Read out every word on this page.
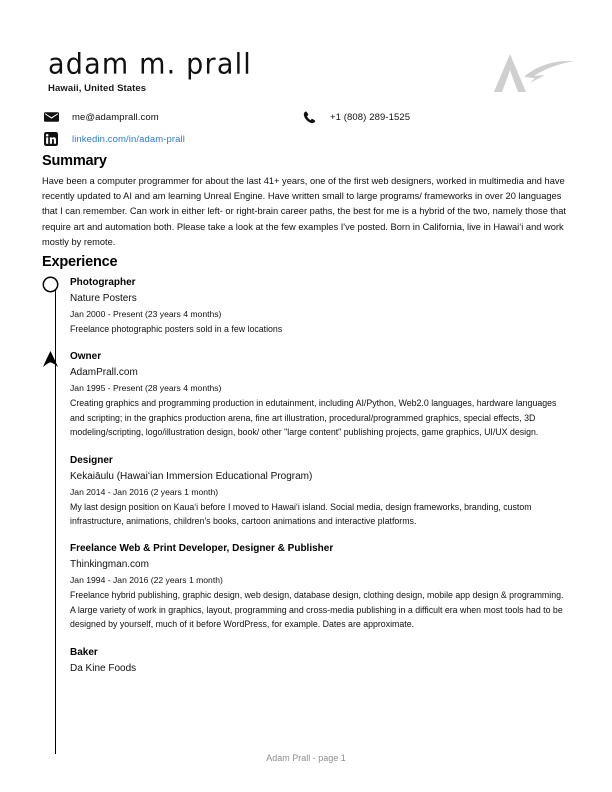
adam m. prall
Hawaii, United States
me@adamprall.com	+1 (808) 289-1525
linkedin.com/in/adam-prall
Summary
Have been a computer programmer for about the last 41+ years, one of the first web designers, worked in multimedia and have recently updated to AI and am learning Unreal Engine. Have written small to large programs/ frameworks in over 20 languages that I can remember. Can work in either left- or right-brain career paths, the best for me is a hybrid of the two, namely those that require art and automation both. Please take a look at the few examples I've posted. Born in California, live in Hawaiʻi and work mostly by remote.
Experience
Photographer
Nature Posters
Jan 2000 - Present (23 years 4 months)
Freelance photographic posters sold in a few locations
Owner
AdamPrall.com
Jan 1995 - Present (28 years 4 months)
Creating graphics and programming production in edutainment, including AI/Python, Web2.0 languages, hardware languages and scripting; in the graphics production arena, fine art illustration, procedural/programmed graphics, special effects, 3D modeling/scripting, logo/illustration design, book/ other "large content" publishing projects, game graphics, UI/UX design.
Designer
Kekaiāulu (Hawaiʻian Immersion Educational Program)
Jan 2014 - Jan 2016 (2 years 1 month)
My last design position on Kauaʻi before I moved to Hawaiʻi island. Social media, design frameworks, branding, custom infrastructure, animations, children's books, cartoon animations and interactive platforms.
Freelance Web & Print Developer, Designer & Publisher
Thinkingman.com
Jan 1994 - Jan 2016 (22 years 1 month)
Freelance hybrid publishing, graphic design, web design, database design, clothing design, mobile app design & programming. A large variety of work in graphics, layout, programming and cross-media publishing in a difficult era when most tools had to be designed by yourself, much of it before WordPress, for example. Dates are approximate.
Baker
Da Kine Foods
Adam Prall - page 1
